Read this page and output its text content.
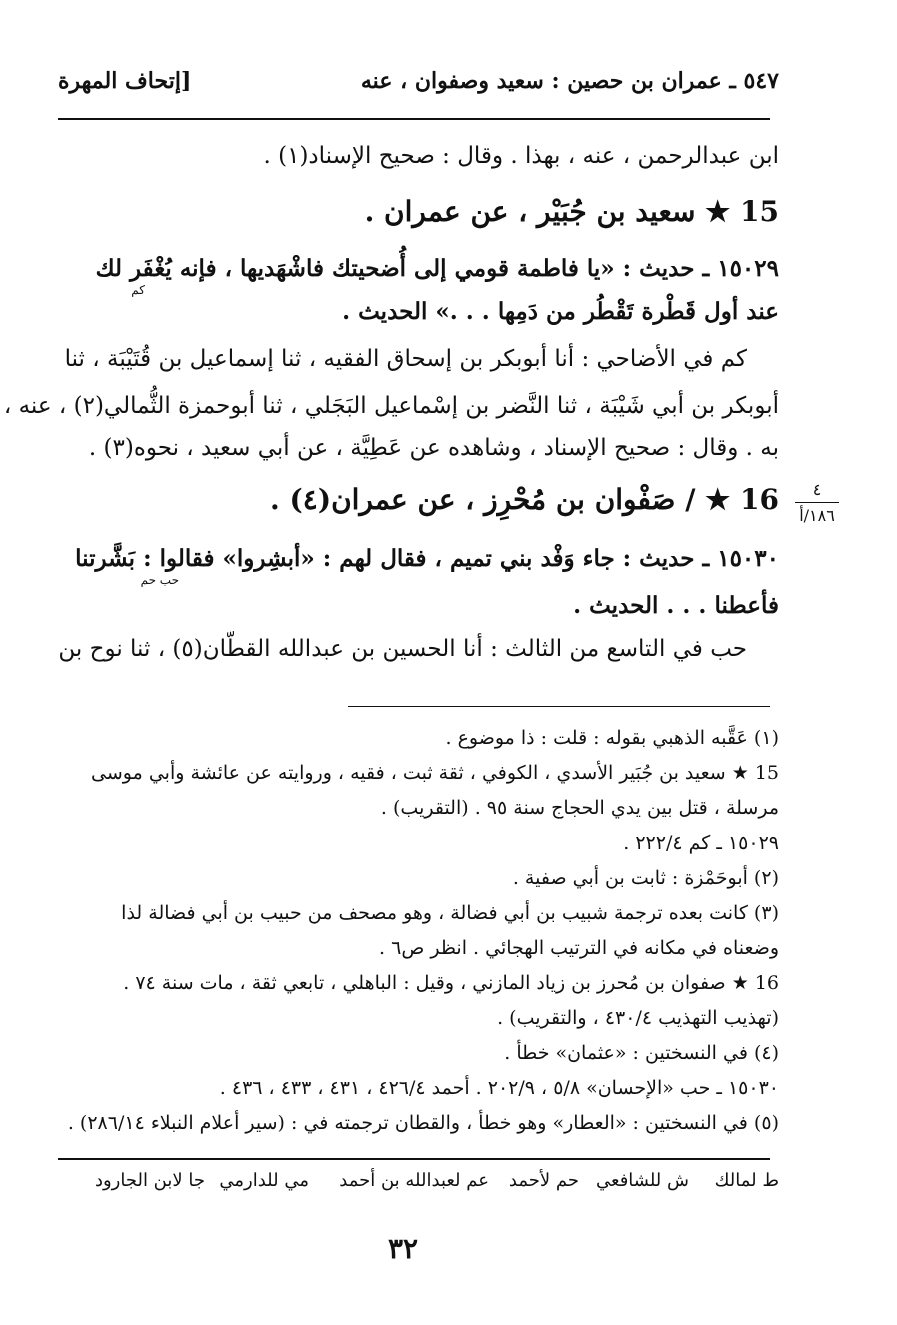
٥٤٧ ـ عمران بن حصين : سعيد وصفوان ، عنه
[إتحاف المهرة
ابن عبدالرحمن ، عنه ، بهذا . وقال : صحيح الإسناد(١) .
15 ★ سعيد بن جُبَيْر ، عن عمران .
١٥٠٢٩ ـ حديث : «يا فاطمة قومي إلى أُضحيتك فاشْهَديها ، فإنه يُغْفَر لك
كم
عند أول قَطْرة تَقْطُر من دَمِها . . .» الحديث .
كم في الأضاحي : أنا أبوبكر بن إسحاق الفقيه ، ثنا إسماعيل بن قُتَيْبَة ، ثنا
أبوبكر بن أبي شَيْبَة ، ثنا النَّضر بن إسْماعيل البَجَلي ، ثنا أبوحمزة الثُّمالي(٢) ، عنه ،
به . وقال : صحيح الإسناد ، وشاهده عن عَطِيَّة ، عن أبي سعيد ، نحوه(٣) .
16 ★ / صَفْوان بن مُحْرِز ، عن عمران(٤) .
١٥٠٣٠ ـ حديث : جاء وَفْد بني تميم ، فقال لهم : «أبشِروا» فقالوا : بَشَّرتنا
حب حم
فأعطنا . . . الحديث .
حب في التاسع من الثالث : أنا الحسين بن عبدالله القطّان(٥) ، ثنا نوح بن
٤
١٨٦/أ
(١) عَقَّبه الذهبي بقوله : قلت : ذا موضوع .
15 ★ سعيد بن جُبَير الأسدي ، الكوفي ، ثقة ثبت ، فقيه ، وروايته عن عائشة وأبي موسى
مرسلة ، قتل بين يدي الحجاج سنة ٩٥ . (التقريب) .
١٥٠٢٩ ـ كم ٢٢٢/٤ .
(٢) أبوحَمْزة : ثابت بن أبي صفية .
(٣) كانت بعده ترجمة شبيب بن أبي فضالة ، وهو مصحف من حبيب بن أبي فضالة لذا
وضعناه في مكانه في الترتيب الهجائي . انظر ص٦ .
16 ★ صفوان بن مُحرز بن زياد المازني ، وقيل : الباهلي ، تابعي ثقة ، مات سنة ٧٤ .
(تهذيب التهذيب ٤٣٠/٤ ، والتقريب) .
(٤) في النسختين : «عثمان» خطأ .
١٥٠٣٠ ـ حب «الإحسان» ٥/٨ ، ٢٠٢/٩ . أحمد ٤٢٦/٤ ، ٤٣١ ، ٤٣٣ ، ٤٣٦ .
(٥) في النسختين : «العطار» وهو خطأ ، والقطان ترجمته في : (سير أعلام النبلاء ٢٨٦/١٤) .
ط لمالك
ش للشافعي
حم لأحمد
عم لعبدالله بن أحمد
مي للدارمي
جا لابن الجارود
٣٢
